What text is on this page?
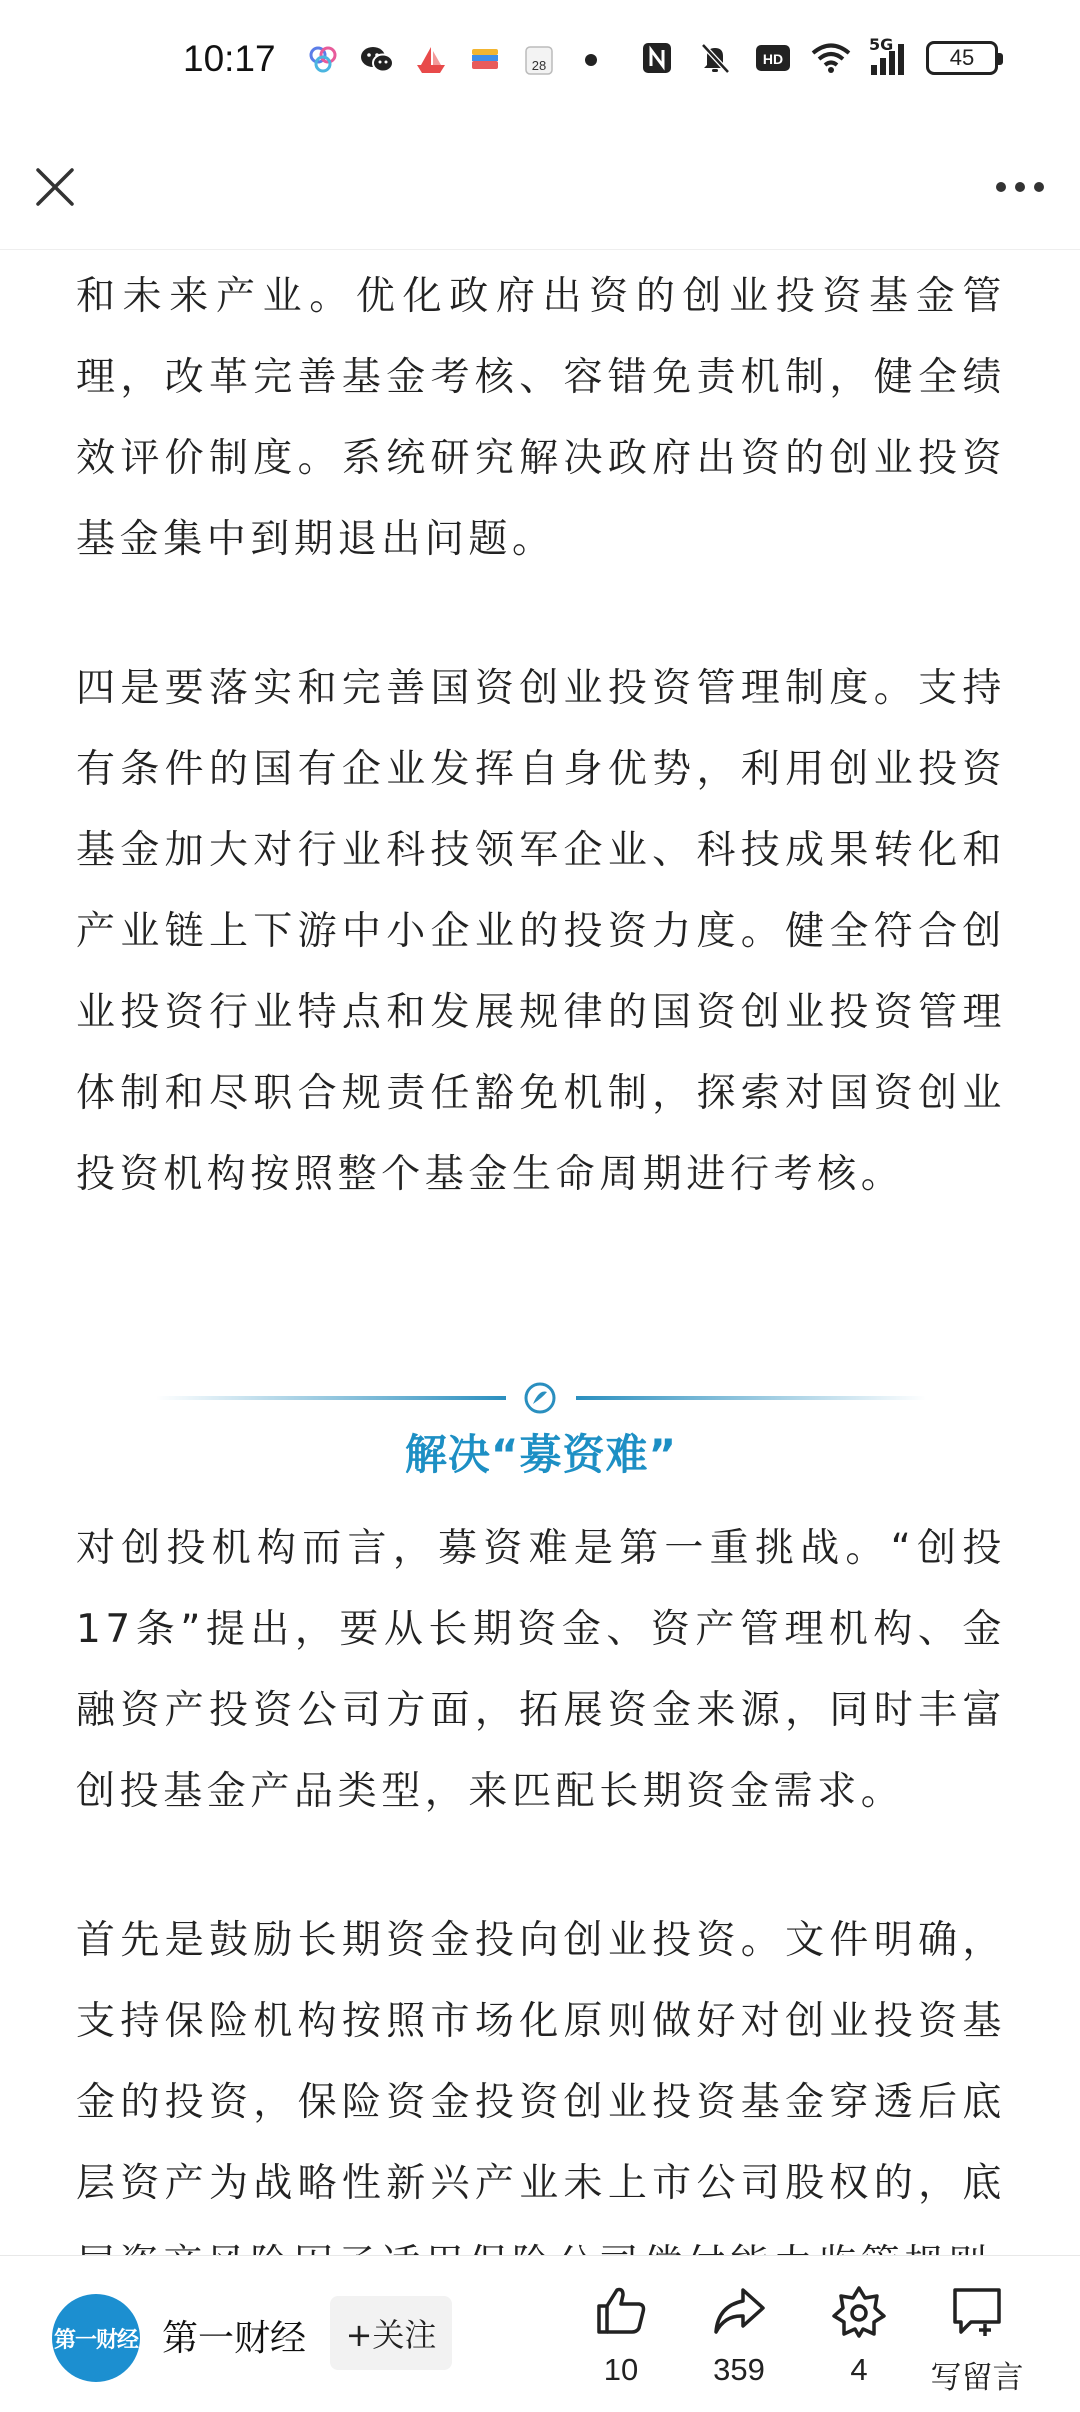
10:17	28	HD
5G
45

和未来产业。优化政府出资的创业投资基金管理，改革完善基金考核、容错免责机制，健全绩效评价制度。系统研究解决政府出资的创业投资基金集中到期退出问题。

四是要落实和完善国资创业投资管理制度。支持有条件的国有企业发挥自身优势，利用创业投资基金加大对行业科技领军企业、科技成果转化和产业链上下游中小企业的投资力度。健全符合创业投资行业特点和发展规律的国资创业投资管理体制和尽职合规责任豁免机制，探索对国资创业投资机构按照整个基金生命周期进行考核。

解决“募资难”

对创投机构而言，募资难是第一重挑战。“创投17条”提出，要从长期资金、资产管理机构、金融资产投资公司方面，拓展资金来源，同时丰富创投基金产品类型，来匹配长期资金需求。

首先是鼓励长期资金投向创业投资。文件明确，支持保险机构按照市场化原则做好对创业投资基金的投资，保险资金投资创业投资基金穿透后底层资产为战略性新兴产业未上市公司股权的，底

第一财经 第一财经	+关注
10	359	4	写留言
